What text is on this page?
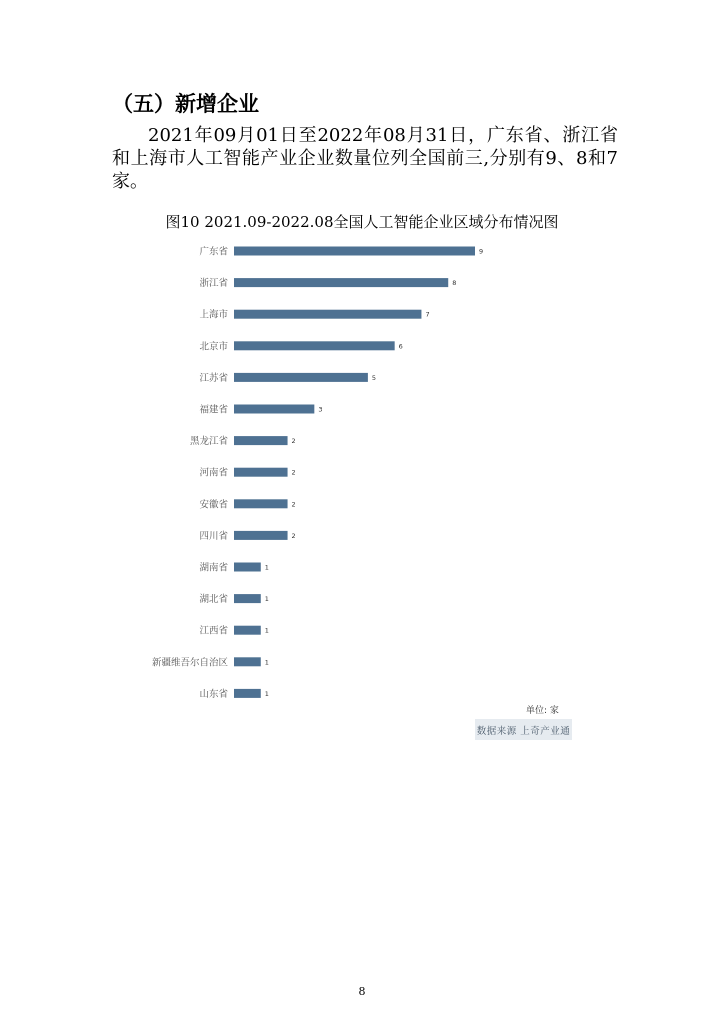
（五）新增企业
2021年09月01日至2022年08月31日，广东省、浙江省和上海市人工智能产业企业数量位列全国前三,分别有9、8和7家。
图10 2021.09-2022.08全国人工智能企业区域分布情况图
广东省	9
浙江省	8
上海市	7
北京市	6
江苏省	5
福建省	3
黑龙江省	2
河南省	2
安徽省	2
四川省	2
湖南省	1
湖北省	1
江西省	1
新疆维吾尔自治区	1
山东省	1
单位: 家
数据来源 上奇产业通
8
